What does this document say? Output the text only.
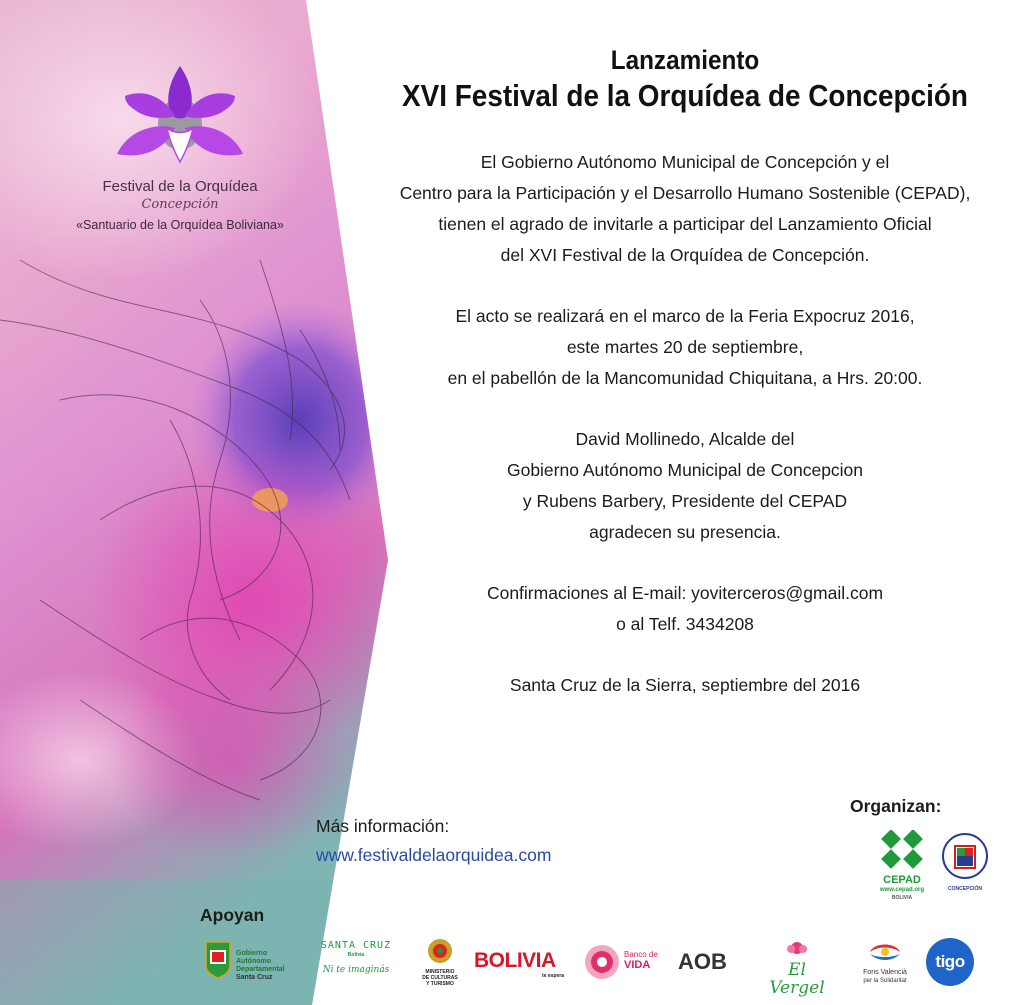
Festival de la Orquídea
Concepción
«Santuario de la Orquídea Boliviana»
Lanzamiento
XVI Festival de la Orquídea de Concepción
El Gobierno Autónomo Municipal de Concepción y el
Centro para la Participación y el Desarrollo Humano Sostenible (CEPAD),
tienen el agrado de invitarle a participar del Lanzamiento Oficial
del XVI Festival de la Orquídea de Concepción.
El acto se realizará en el marco de la Feria Expocruz 2016,
este martes 20 de septiembre,
en el pabellón de la Mancomunidad Chiquitana, a Hrs. 20:00.
David Mollinedo, Alcalde del
Gobierno Autónomo Municipal de Concepcion
y Rubens Barbery, Presidente del CEPAD
agradecen su presencia.
Confirmaciones al E-mail: yoviterceros@gmail.com
o al Telf. 3434208
Santa Cruz de la Sierra, septiembre del 2016
Más información:
www.festivaldelaorquidea.com
Organizan:
CEPAD
www.cepad.org
BOLIVIA
CONCEPCIÓN
Apoyan
Gobierno
Autónomo
Departamental
Santa Cruz
SANTA CRUZ
Bolivia
Ni te imaginás	MINISTERIO
DE CULTURAS
Y TURISMO
BOLIVIA
te espera
Banco de
VIDA	AOB	El Vergel
Fons Valencià
per la Solidaritat
tigo
